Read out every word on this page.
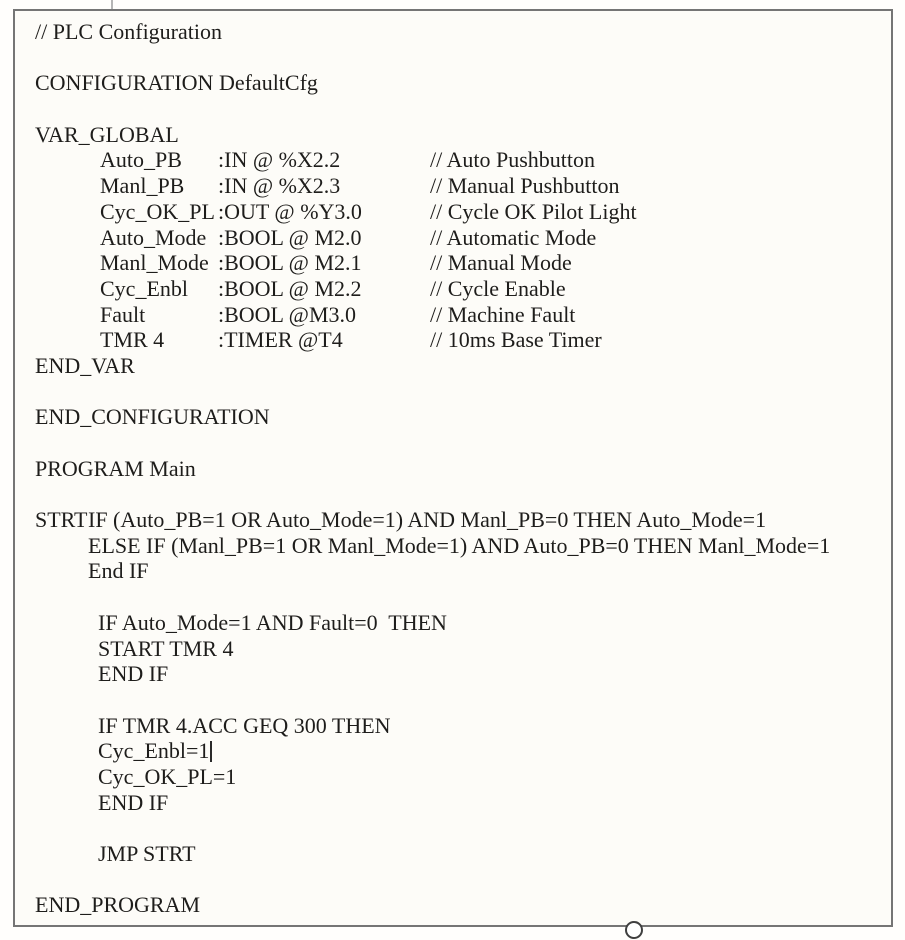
// PLC Configuration
CONFIGURATION DefaultCfg
VAR_GLOBAL
Auto_PB :IN @ %X2.2	// Auto Pushbutton
Manl_PB :IN @ %X2.3	// Manual Pushbutton
Cyc_OK_PL :OUT @ %Y3.0	// Cycle OK Pilot Light
Auto_Mode :BOOL @ M2.0	// Automatic Mode
Manl_Mode :BOOL @ M2.1	// Manual Mode
Cyc_Enbl :BOOL @ M2.2	// Cycle Enable
Fault	:BOOL @M3.0	// Machine Fault
TMR 4 :TIMER @T4	// 10ms Base Timer
END_VAR
END_CONFIGURATION
PROGRAM Main
STRT IF (Auto_PB=1 OR Auto_Mode=1) AND Manl_PB=0 THEN Auto_Mode=1
ELSE IF (Manl_PB=1 OR Manl_Mode=1) AND Auto_PB=0 THEN Manl_Mode=1
End IF
IF Auto_Mode=1 AND Fault=0  THEN
START TMR 4
END IF
IF TMR 4.ACC GEQ 300 THEN
Cyc_Enbl=1
Cyc_OK_PL=1
END IF
JMP STRT
END_PROGRAM
